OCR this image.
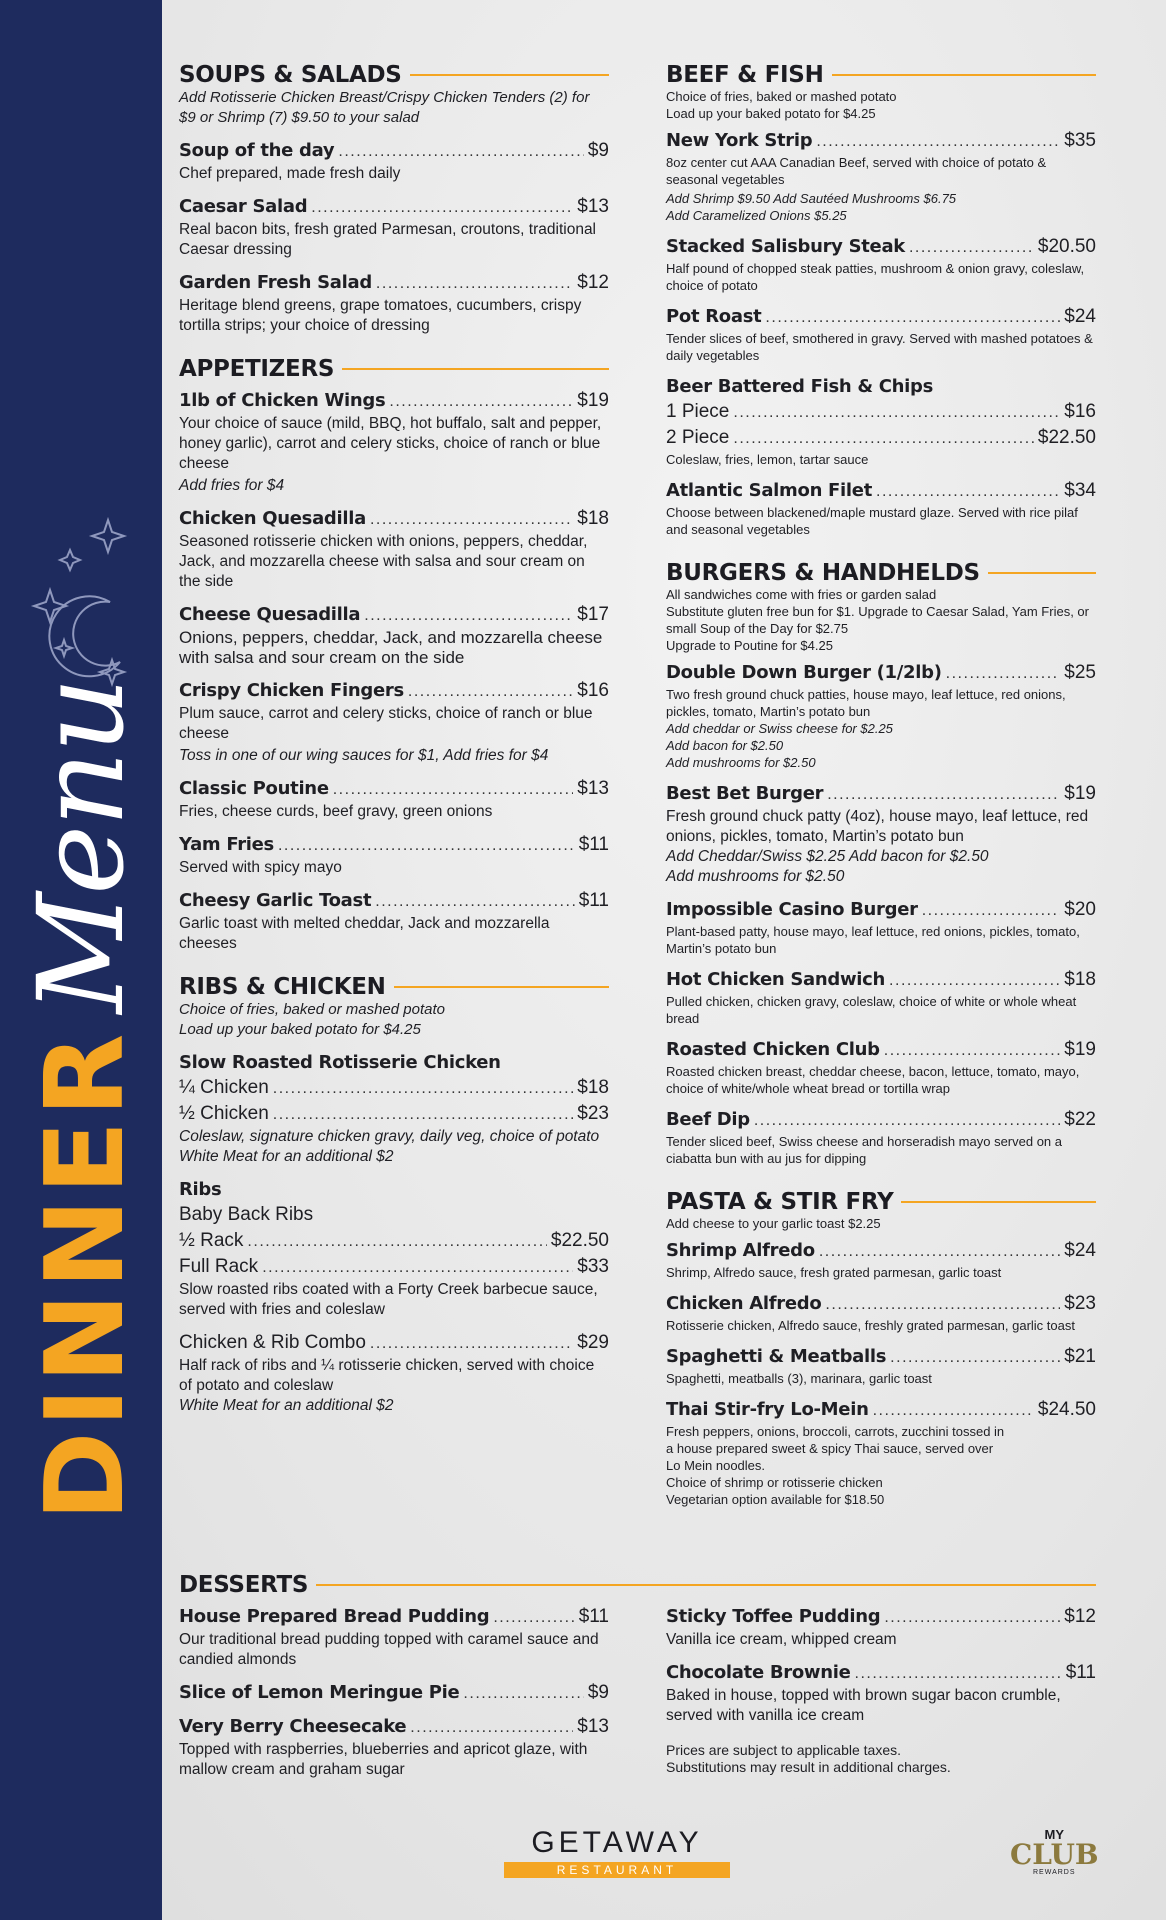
DINNER
Menu
SOUPS & SALADS
Add Rotisserie Chicken Breast/Crispy Chicken Tenders (2) for $9 or Shrimp (7) $9.50 to your salad
Soup of the day .....	$9
Chef prepared, made fresh daily
Caesar Salad .....	$13
Real bacon bits, fresh grated Parmesan, croutons, traditional Caesar dressing
Garden Fresh Salad .....	$12
Heritage blend greens, grape tomatoes, cucumbers, crispy tortilla strips; your choice of dressing
APPETIZERS
1lb of Chicken Wings .....	$19
Your choice of sauce (mild, BBQ, hot buffalo, salt and pepper, honey garlic), carrot and celery sticks, choice of ranch or blue cheese
Add fries for $4
Chicken Quesadilla .....	$18
Seasoned rotisserie chicken with onions, peppers, cheddar, Jack, and mozzarella cheese with salsa and sour cream on the side
Cheese Quesadilla .....	$17
Onions, peppers, cheddar, Jack, and mozzarella cheese with salsa and sour cream on the side
Crispy Chicken Fingers .....	$16
Plum sauce, carrot and celery sticks, choice of ranch or blue cheese
Toss in one of our wing sauces for $1, Add fries for $4
Classic Poutine .....	$13
Fries, cheese curds, beef gravy, green onions
Yam Fries .....	$11
Served with spicy mayo
Cheesy Garlic Toast .....	$11
Garlic toast with melted cheddar, Jack and mozzarella cheeses
RIBS & CHICKEN
Choice of fries, baked or mashed potato
Load up your baked potato for $4.25
Slow Roasted Rotisserie Chicken
¼ Chicken .....	$18
½ Chicken .....	$23
Coleslaw, signature chicken gravy, daily veg, choice of potato
White Meat for an additional $2
Ribs
Baby Back Ribs
½ Rack .....	$22.50
Full Rack .....	$33
Slow roasted ribs coated with a Forty Creek barbecue sauce, served with fries and coleslaw
Chicken & Rib Combo .....	$29
Half rack of ribs and ¼ rotisserie chicken, served with choice of potato and coleslaw
White Meat for an additional $2
BEEF & FISH
Choice of fries, baked or mashed potato
Load up your baked potato for $4.25
New York Strip .....	$35
8oz center cut AAA Canadian Beef, served with choice of potato & seasonal vegetables
Add Shrimp $9.50 Add Sautéed Mushrooms $6.75
Add Caramelized Onions $5.25
Stacked Salisbury Steak .....	$20.50
Half pound of chopped steak patties, mushroom & onion gravy, coleslaw, choice of potato
Pot Roast .....	$24
Tender slices of beef, smothered in gravy. Served with mashed potatoes & daily vegetables
Beer Battered Fish & Chips
1 Piece .....	$16
2 Piece .....	$22.50
Coleslaw, fries, lemon, tartar sauce
Atlantic Salmon Filet .....	$34
Choose between blackened/maple mustard glaze. Served with rice pilaf and seasonal vegetables
BURGERS & HANDHELDS
All sandwiches come with fries or garden salad
Substitute gluten free bun for $1. Upgrade to Caesar Salad, Yam Fries, or small Soup of the Day for $2.75
Upgrade to Poutine for $4.25
Double Down Burger (1/2lb) .....	$25
Two fresh ground chuck patties, house mayo, leaf lettuce, red onions, pickles, tomato, Martin’s potato bun
Add cheddar or Swiss cheese for $2.25
Add bacon for $2.50
Add mushrooms for $2.50
Best Bet Burger .....	$19
Fresh ground chuck patty (4oz), house mayo, leaf lettuce, red onions, pickles, tomato, Martin’s potato bun
Add Cheddar/Swiss $2.25 Add bacon for $2.50
Add mushrooms for $2.50
Impossible Casino Burger .....	$20
Plant-based patty, house mayo, leaf lettuce, red onions, pickles, tomato, Martin’s potato bun
Hot Chicken Sandwich .....	$18
Pulled chicken, chicken gravy, coleslaw, choice of white or whole wheat bread
Roasted Chicken Club .....	$19
Roasted chicken breast, cheddar cheese, bacon, lettuce, tomato, mayo, choice of white/whole wheat bread or tortilla wrap
Beef Dip .....	$22
Tender sliced beef, Swiss cheese and horseradish mayo served on a ciabatta bun with au jus for dipping
PASTA & STIR FRY
Add cheese to your garlic toast $2.25
Shrimp Alfredo .....	$24
Shrimp, Alfredo sauce, fresh grated parmesan, garlic toast
Chicken Alfredo .....	$23
Rotisserie chicken, Alfredo sauce, freshly grated parmesan, garlic toast
Spaghetti & Meatballs .....	$21
Spaghetti, meatballs (3), marinara, garlic toast
Thai Stir-fry Lo-Mein .....	$24.50
Fresh peppers, onions, broccoli, carrots, zucchini tossed in a house prepared sweet & spicy Thai sauce, served over Lo Mein noodles.
Choice of shrimp or rotisserie chicken
Vegetarian option available for $18.50
DESSERTS
House Prepared Bread Pudding .....	$11
Our traditional bread pudding topped with caramel sauce and candied almonds
Slice of Lemon Meringue Pie .....	$9
Very Berry Cheesecake .....	$13
Topped with raspberries, blueberries and apricot glaze, with mallow cream and graham sugar
Sticky Toffee Pudding .....	$12
Vanilla ice cream, whipped cream
Chocolate Brownie .....	$11
Baked in house, topped with brown sugar bacon crumble, served with vanilla ice cream
Prices are subject to applicable taxes.
Substitutions may result in additional charges.
GETAWAY
RESTAURANT
MY
CLUB
REWARDS
